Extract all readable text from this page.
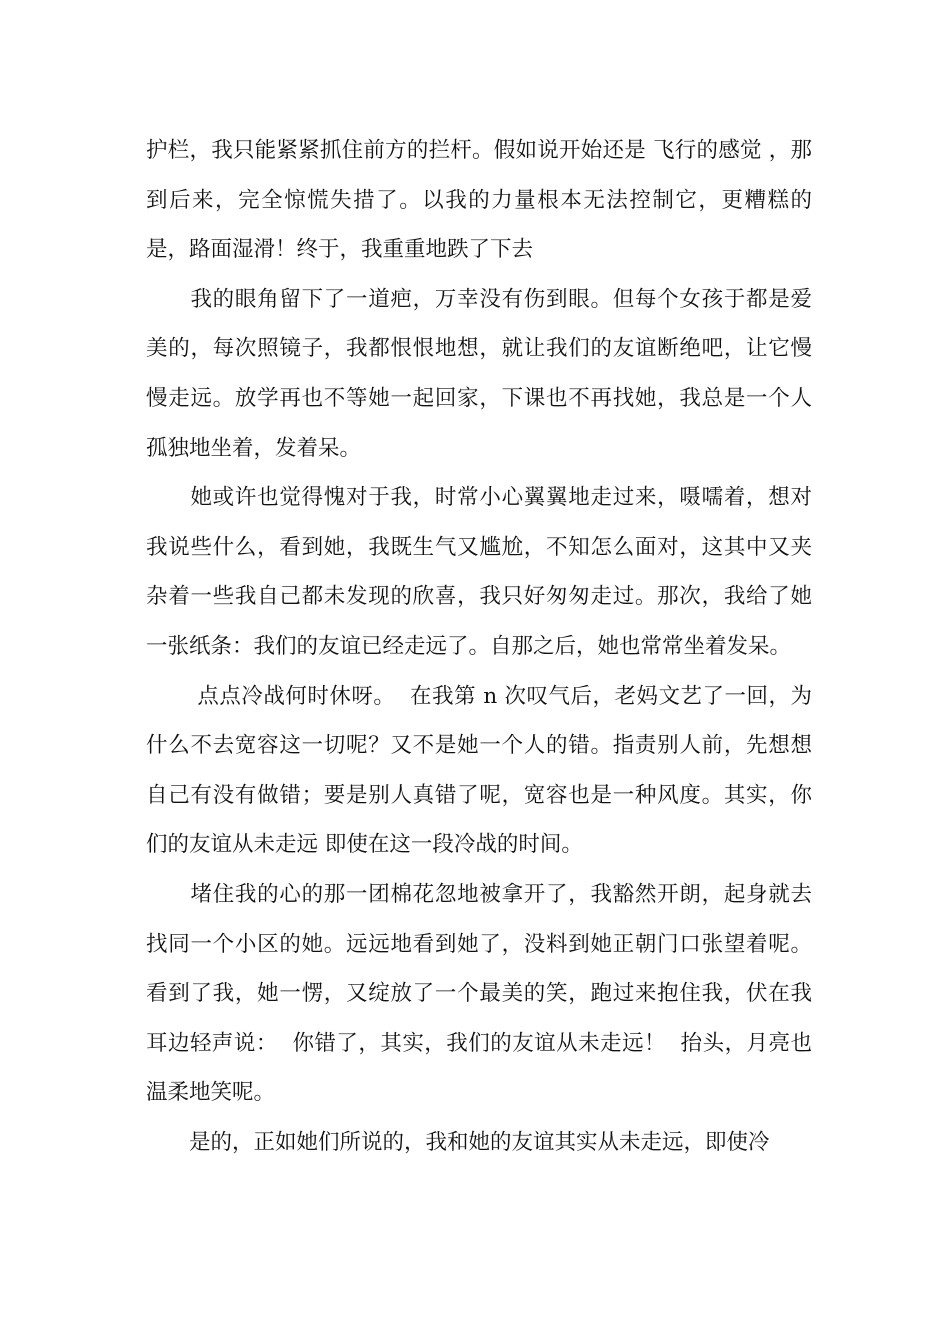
护栏，我只能紧紧抓住前方的拦杆。假如说开始还是 飞行的感觉 ，那到后来，完全惊慌失措了。以我的力量根本无法控制它，更糟糕的是，路面湿滑！终于，我重重地跌了下去

　　我的眼角留下了一道疤，万幸没有伤到眼。但每个女孩于都是爱美的，每次照镜子，我都恨恨地想，就让我们的友谊断绝吧，让它慢慢走远。放学再也不等她一起回家，下课也不再找她，我总是一个人孤独地坐着，发着呆。

　　她或许也觉得愧对于我，时常小心翼翼地走过来，嗫嚅着，想对我说些什么，看到她，我既生气又尴尬，不知怎么面对，这其中又夹杂着一些我自己都未发现的欣喜，我只好匆匆走过。那次，我给了她一张纸条：我们的友谊已经走远了。自那之后，她也常常坐着发呆。

　　 点点冷战何时休呀。  在我第 n 次叹气后，老妈文艺了一回，为什么不去宽容这一切呢？又不是她一个人的错。指责别人前，先想想自己有没有做错；要是别人真错了呢，宽容也是一种风度。其实，你们的友谊从未走远 即使在这一段冷战的时间。

　　堵住我的心的那一团棉花忽地被拿开了，我豁然开朗，起身就去找同一个小区的她。远远地看到她了，没料到她正朝门口张望着呢。看到了我，她一愣，又绽放了一个最美的笑，跑过来抱住我，伏在我耳边轻声说：  你错了，其实，我们的友谊从未走远！  抬头，月亮也温柔地笑呢。

　　是的，正如她们所说的，我和她的友谊其实从未走远，即使冷
